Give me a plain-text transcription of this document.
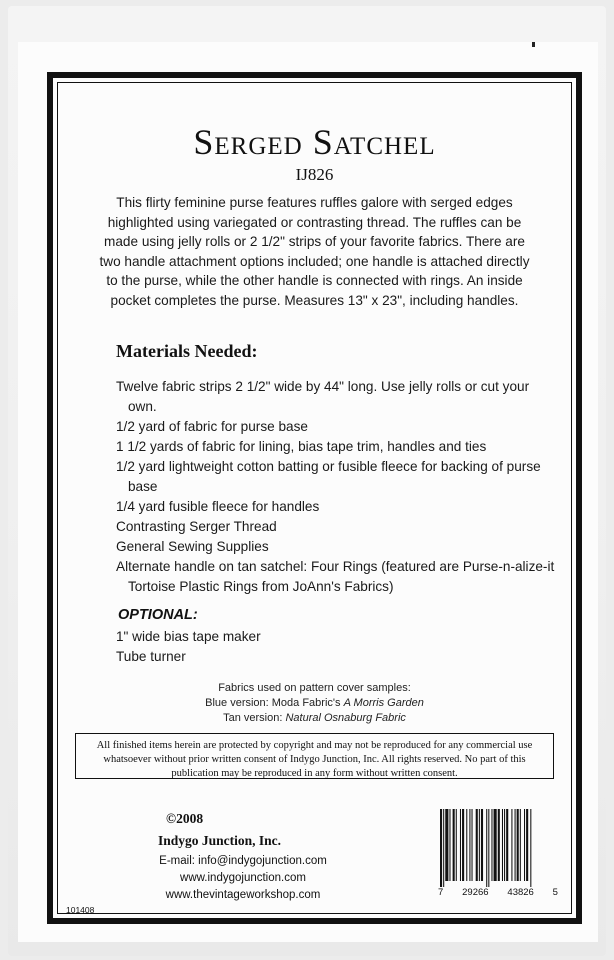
Serged Satchel
IJ826
This flirty feminine purse features ruffles galore with serged edges
highlighted using variegated or contrasting thread. The ruffles can be
made using jelly rolls or 2 1/2" strips of your favorite fabrics. There are
two handle attachment options included; one handle is attached directly
to the purse, while the other handle is connected with rings. An inside
pocket completes the purse. Measures 13" x 23", including handles.
Materials Needed:
Twelve fabric strips 2 1/2" wide by 44" long. Use jelly rolls or cut your own.
1/2 yard of fabric for purse base
1 1/2 yards of fabric for lining, bias tape trim, handles and ties
1/2 yard lightweight cotton batting or fusible fleece for backing of purse base
1/4 yard fusible fleece for handles
Contrasting Serger Thread
General Sewing Supplies
Alternate handle on tan satchel: Four Rings (featured are Purse-n-alize-it Tortoise Plastic Rings from JoAnn's Fabrics)
OPTIONAL:
1" wide bias tape maker
Tube turner
Fabrics used on pattern cover samples:
Blue version: Moda Fabric's A Morris Garden
Tan version: Natural Osnaburg Fabric
All finished items herein are protected by copyright and may not be reproduced for any commercial use whatsoever without prior written consent of Indygo Junction, Inc. All rights reserved. No part of this publication may be reproduced in any form without written consent.
©2008
Indygo Junction, Inc.
E-mail: info@indygojunction.com
www.indygojunction.com
www.thevintageworkshop.com
101408
7 29266 43826 5
